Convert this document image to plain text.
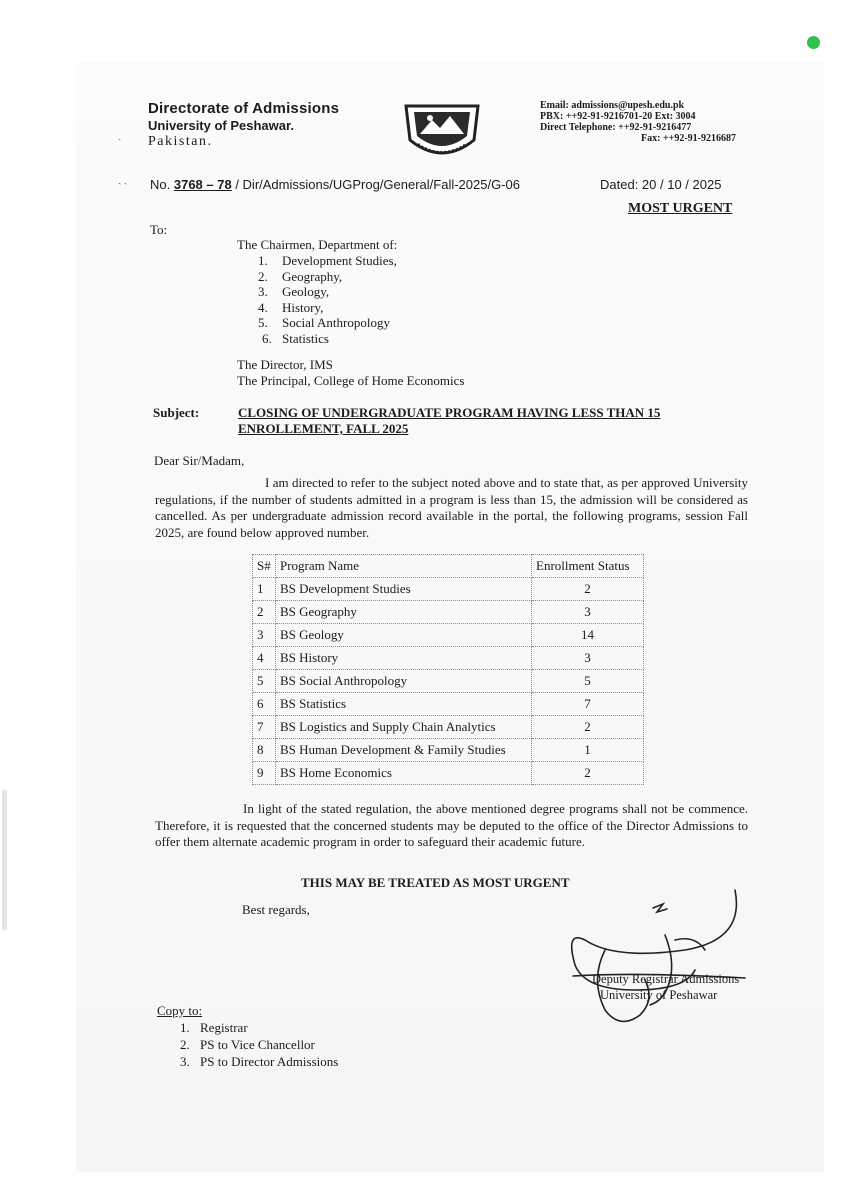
Directorate of Admissions
University of Peshawar.
Pakistan.
ˎ

ˎ ˎ
Email: admissions@upesh.edu.pk
PBX: ++92-91-9216701-20 Ext: 3004
Direct Telephone: ++92-91-9216477
Fax: ++92-91-9216687
No. 3768 – 78 / Dir/Admissions/UGProg/General/Fall-2025/G-06	Dated: 20 / 10 / 2025
MOST URGENT
To:
The Chairmen, Department of:
1. Development Studies,
2. Geography,
3. Geology,
4. History,
5. Social Anthropology
6. Statistics
The Director, IMS
The Principal, College of Home Economics
Subject:	CLOSING OF UNDERGRADUATE PROGRAM HAVING LESS THAN 15
ENROLLEMENT, FALL 2025
Dear Sir/Madam,
I am directed to refer to the subject noted above and to state that, as per approved University regulations, if the number of students admitted in a program is less than 15, the admission will be considered as cancelled. As per undergraduate admission record available in the portal, the following programs, session Fall 2025, are found below approved number.
S#	Program Name	Enrollment Status
1	BS Development Studies	2
2	BS Geography	3
3	BS Geology	14
4	BS History	3
5	BS Social Anthropology	5
6	BS Statistics	7
7	BS Logistics and Supply Chain Analytics	2
8	BS Human Development & Family Studies	1
9	BS Home Economics	2
In light of the stated regulation, the above mentioned degree programs shall not be commence. Therefore, it is requested that the concerned students may be deputed to the office of the Director Admissions to offer them alternate academic program in order to safeguard their academic future.
THIS MAY BE TREATED AS MOST URGENT
Best regards,
Deputy Registrar Admissions
University of Peshawar
Copy to:
1. Registrar
2. PS to Vice Chancellor
3. PS to Director Admissions
